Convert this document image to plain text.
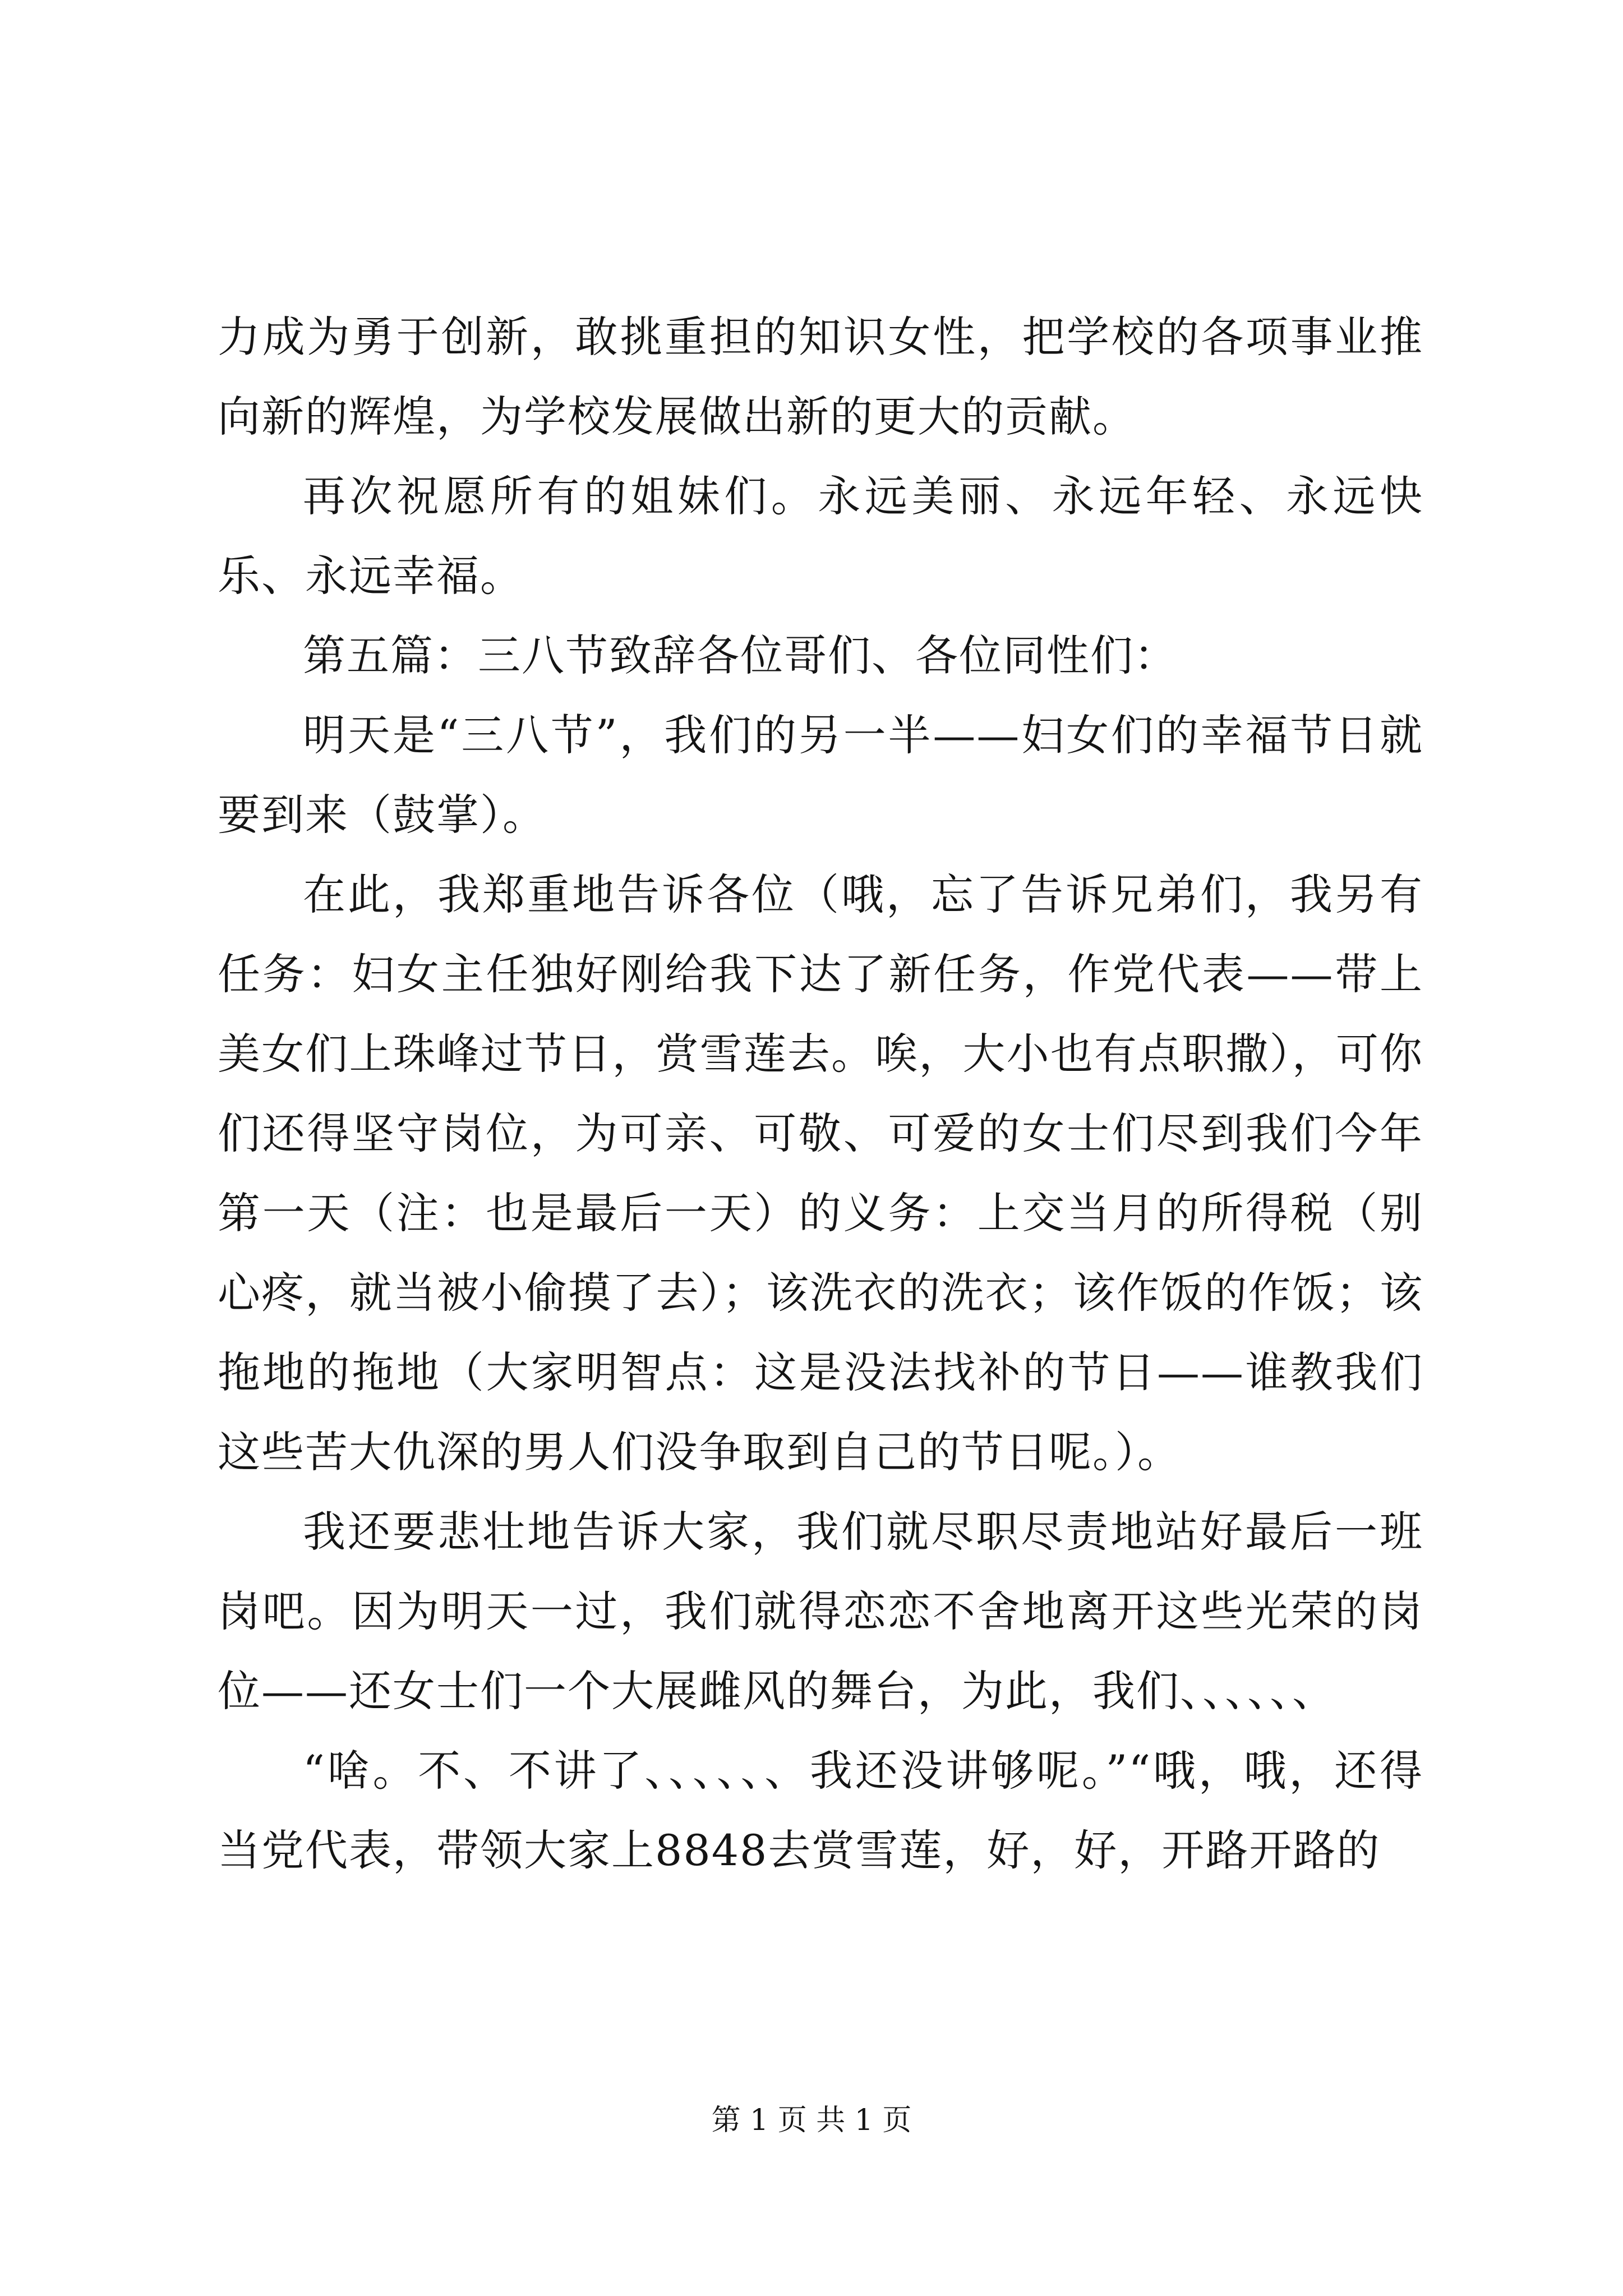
力成为勇于创新，敢挑重担的知识女性，把学校的各项事业推向新的辉煌，为学校发展做出新的更大的贡献。

再次祝愿所有的姐妹们。永远美丽、永远年轻、永远快乐、永远幸福。

第五篇：三八节致辞各位哥们、各位同性们：

明天是“三八节”，我们的另一半——妇女们的幸福节日就要到来（鼓掌）。

在此，我郑重地告诉各位（哦，忘了告诉兄弟们，我另有任务：妇女主任独好刚给我下达了新任务，作党代表——带上美女们上珠峰过节日，赏雪莲去。唉，大小也有点职撒），可你们还得坚守岗位，为可亲、可敬、可爱的女士们尽到我们今年第一天（注：也是最后一天）的义务：上交当月的所得税（别心疼，就当被小偷摸了去）；该洗衣的洗衣；该作饭的作饭；该拖地的拖地（大家明智点：这是没法找补的节日——谁教我们这些苦大仇深的男人们没争取到自己的节日呢。）。

我还要悲壮地告诉大家，我们就尽职尽责地站好最后一班岗吧。因为明天一过，我们就得恋恋不舍地离开这些光荣的岗位——还女士们一个大展雌风的舞台，为此，我们、、、、、、

“啥。不、不讲了、、、、、、我还没讲够呢。”“哦，哦，还得当党代表，带领大家上8848去赏雪莲，好，好，开路开路的

第 1 页 共 1 页
